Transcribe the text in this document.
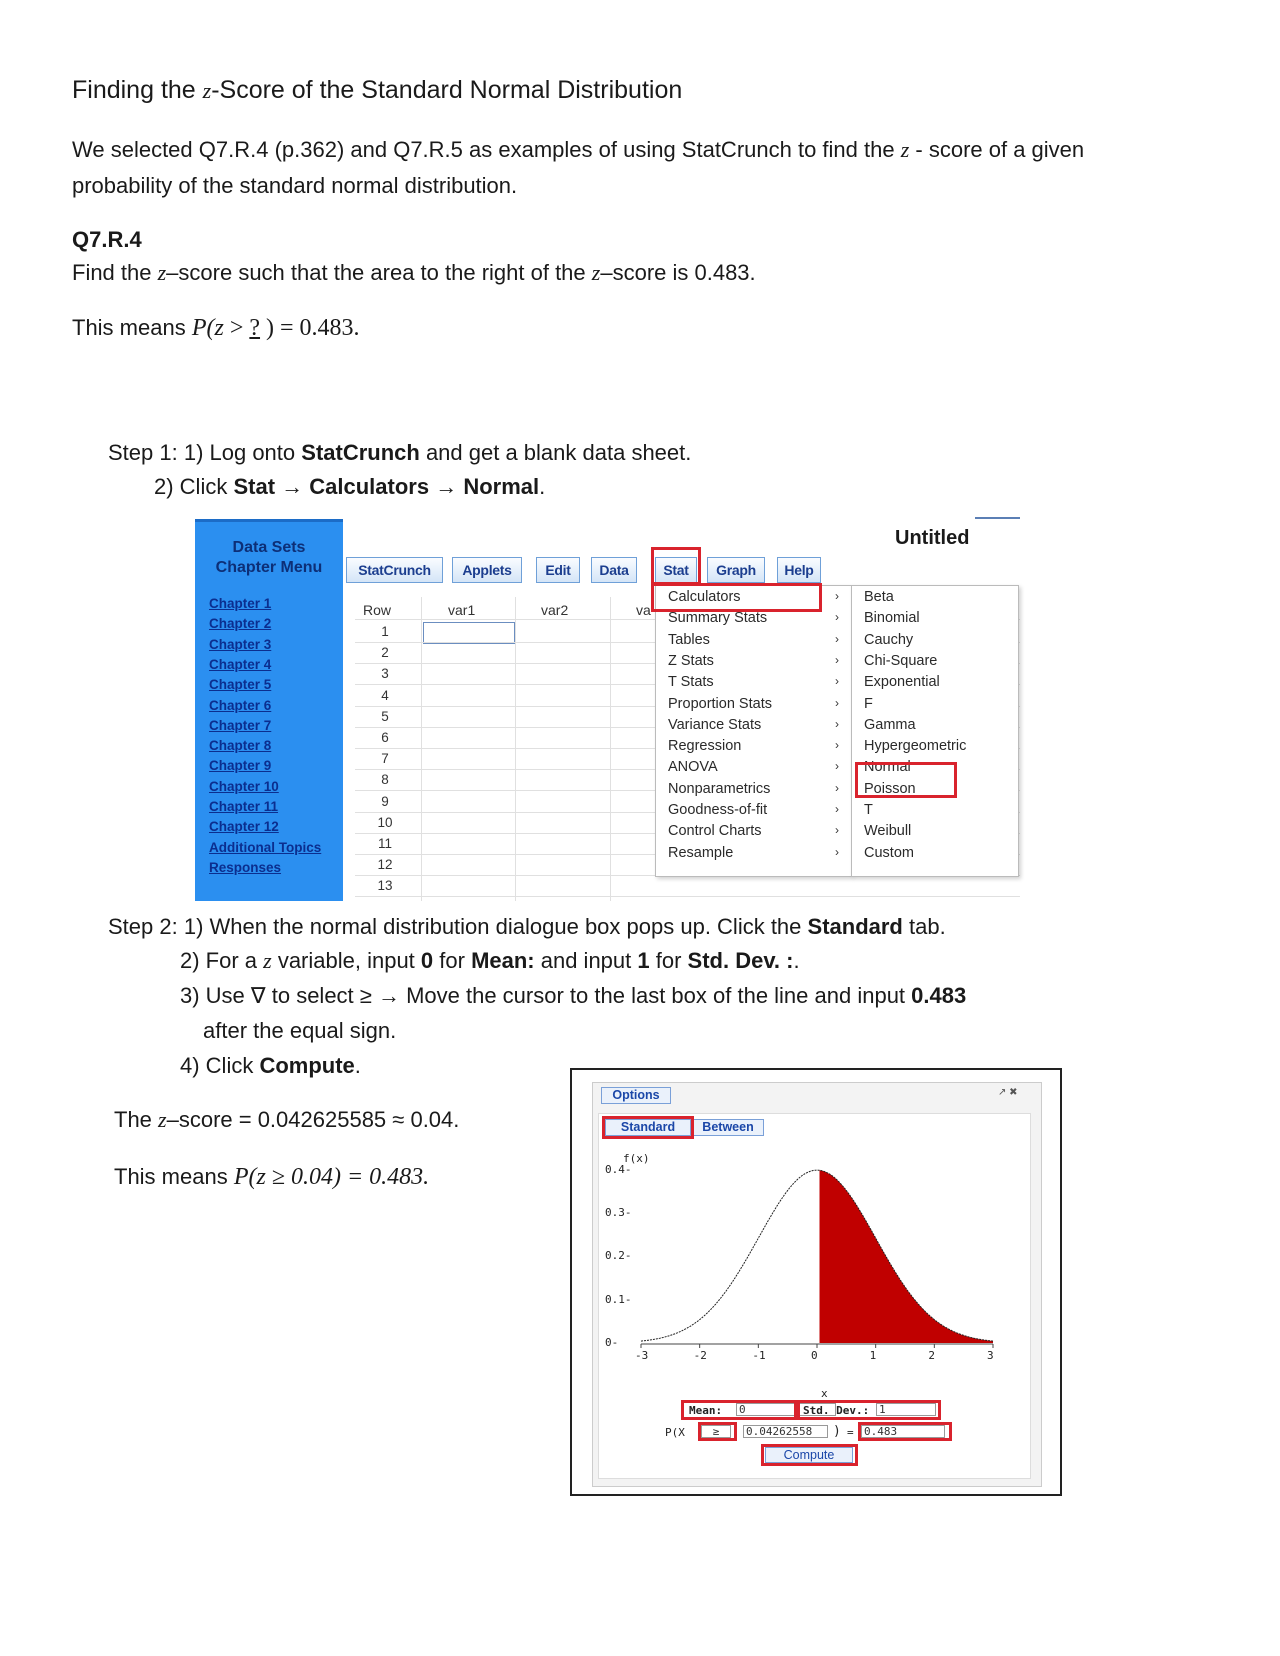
Finding the z-Score of the Standard Normal Distribution
We selected Q7.R.4 (p.362) and Q7.R.5 as examples of using StatCrunch to find the z - score of a given
probability of the standard normal distribution.
Q7.R.4
Find the z–score such that the area to the right of the z–score is 0.483.
This means P(z > ? ) = 0.483.
Step 1: 1) Log onto StatCrunch and get a blank data sheet.
2) Click Stat → Calculators → Normal.
Data Sets
Chapter Menu
Chapter 1
Chapter 2
Chapter 3
Chapter 4
Chapter 5
Chapter 6
Chapter 7
Chapter 8
Chapter 9
Chapter 10
Chapter 11
Chapter 12
Additional Topics
Responses
Untitled
StatCrunch	Applets	Edit	Data	Stat	Graph	Help
Row	var1	var2	va
1
2
3
4
5
6
7
8
9
10
11
12
13
Calculators	›
Summary Stats	›
Tables	›
Z Stats	›
T Stats	›
Proportion Stats	›
Variance Stats	›
Regression	›
ANOVA	›
Nonparametrics	›
Goodness-of-fit	›
Control Charts	›
Resample	›
Beta
Binomial
Cauchy
Chi-Square
Exponential
F
Gamma
Hypergeometric
Normal
Poisson
T
Weibull
Custom
Step 2: 1) When the normal distribution dialogue box pops up. Click the Standard tab.
2) For a z variable, input 0 for Mean: and input 1 for Std. Dev. :.
3) Use ∇ to select ≥ → Move the cursor to the last box of the line and input 0.483
after the equal sign.
4) Click Compute.
The z–score = 0.042625585 ≈ 0.04.
This means P(z ≥ 0.04) = 0.483.
Options	↗ ✖
Standard	Between
0.4-
0.3-
0.2-
0.1-
0-
-3	-2	-1	0	1	2	3
f(x)
x
Mean: 0	Std. Dev.: 1
P(X	≥	0.04262558	) = 0.483
Compute
